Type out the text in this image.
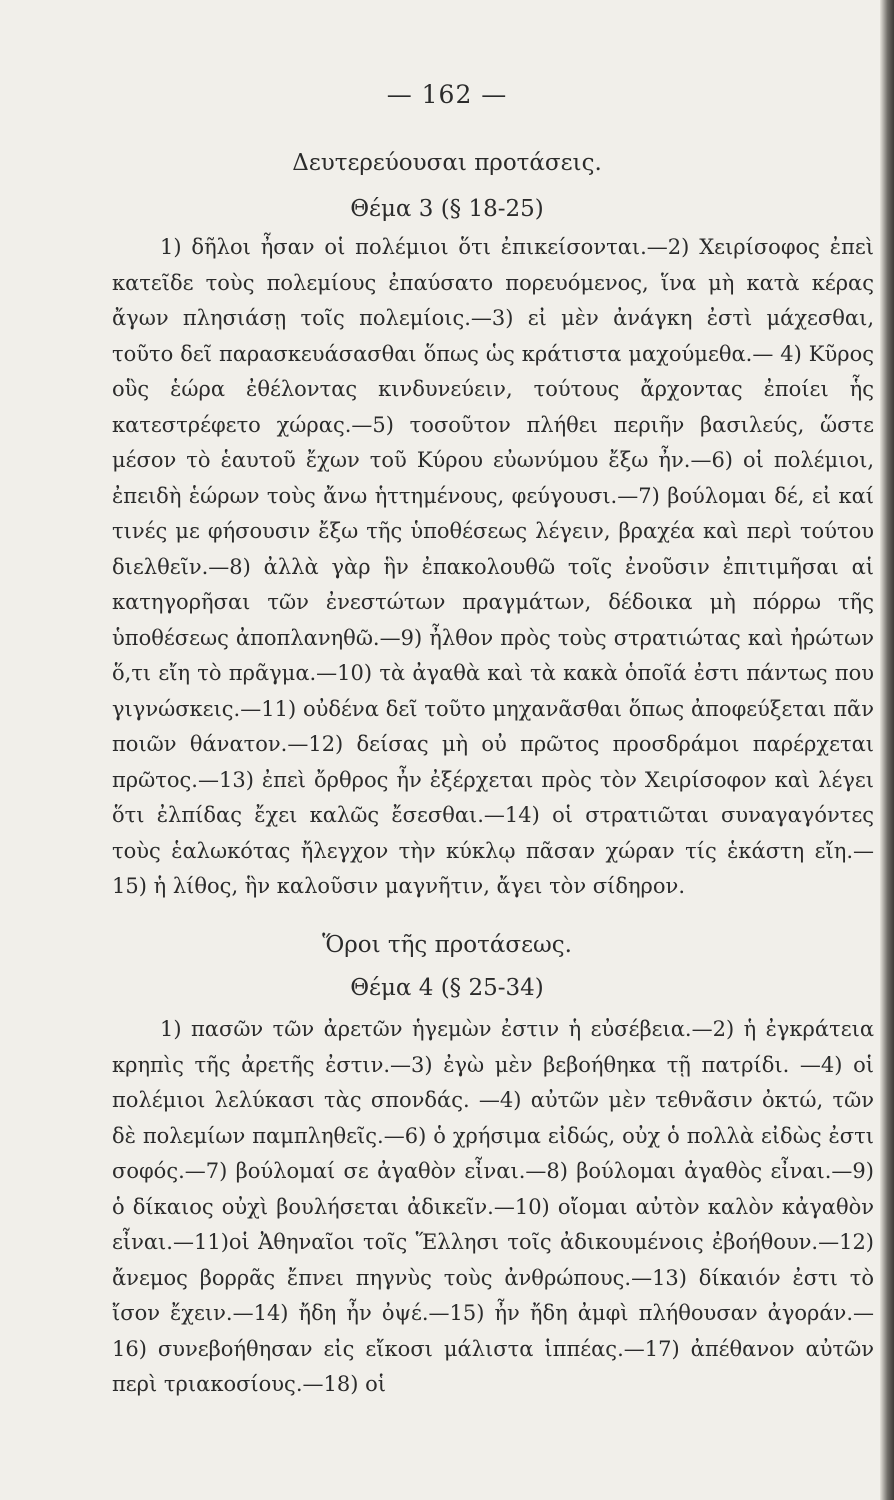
— 162 —
Δευτερεύουσαι προτάσεις.
Θέμα 3 (§ 18-25)

1) δῆλοι ἦσαν οἱ πολέμιοι ὅτι ἐπικείσονται.—2) Χειρίσοφος ἐπεὶ κατεῖδε τοὺς πολεμίους ἐπαύσατο πορευόμενος, ἵνα μὴ κατὰ κέρας ἄγων πλησιάσῃ τοῖς πολεμίοις.—3) εἰ μὲν ἀνάγκη ἐστὶ μάχεσθαι, τοῦτο δεῖ παρασκευάσασθαι ὅπως ὡς κράτιστα μαχούμεθα.— 4) Κῦρος οὓς ἑώρα ἐθέλοντας κινδυνεύειν, τούτους ἄρχοντας ἐποίει ἧς κατεστρέφετο χώρας.—5) τοσοῦτον πλήθει περιῆν βασιλεύς, ὥστε μέσον τὸ ἑαυτοῦ ἔχων τοῦ Κύρου εὐωνύμου ἔξω ἦν.—6) οἱ πολέμιοι, ἐπειδὴ ἑώρων τοὺς ἄνω ἡττημένους, φεύγουσι.—7) βούλομαι δέ, εἰ καί τινές με φήσουσιν ἔξω τῆς ὑποθέσεως λέγειν, βραχέα καὶ περὶ τούτου διελθεῖν.—8) ἀλλὰ γὰρ ἣν ἐπακολουθῶ τοῖς ἐνοῦσιν ἐπιτιμῆσαι αἱ κατηγορῆσαι τῶν ἐνεστώτων πραγμάτων, δέδοικα μὴ πόρρω τῆς ὑποθέσεως ἀποπλανηθῶ.—9) ἦλθον πρὸς τοὺς στρατιώτας καὶ ἠρώτων ὅ,τι εἴη τὸ πρᾶγμα.—10) τὰ ἀγαθὰ καὶ τὰ κακὰ ὁποῖά ἐστι πάντως που γιγνώσκεις.—11) οὐδένα δεῖ τοῦτο μηχανᾶσθαι ὅπως ἀποφεύξεται πᾶν ποιῶν θάνατον.—12) δείσας μὴ οὐ πρῶτος προσδράμοι παρέρχεται πρῶτος.—13) ἐπεὶ ὄρθρος ἦν ἐξέρχεται πρὸς τὸν Χειρίσοφον καὶ λέγει ὅτι ἐλπίδας ἔχει καλῶς ἔσεσθαι.—14) οἱ στρατιῶται συναγαγόντες τοὺς ἑαλωκότας ἤλεγχον τὴν κύκλῳ πᾶσαν χώραν τίς ἑκάστη εἴη.—15) ἡ λίθος, ἣν καλοῦσιν μαγνῆτιν, ἄγει τὸν σίδηρον.

Ὅροι τῆς προτάσεως.
Θέμα 4 (§ 25-34)

1) πασῶν τῶν ἀρετῶν ἡγεμὼν ἐστιν ἡ εὐσέβεια.—2) ἡ ἐγκράτεια κρηπὶς τῆς ἀρετῆς ἐστιν.—3) ἐγὼ μὲν βεβοήθηκα τῇ πατρίδι. —4) οἱ πολέμιοι λελύκασι τὰς σπονδάς. —4) αὐτῶν μὲν τεθνᾶσιν ὀκτώ, τῶν δὲ πολεμίων παμπληθεῖς.—6) ὁ χρήσιμα εἰδώς, οὐχ ὁ πολλὰ εἰδὼς ἐστι σοφός.—7) βούλομαί σε ἀγαθὸν εἶναι.—8) βούλομαι ἀγαθὸς εἶναι.—9) ὁ δίκαιος οὐχὶ βουλήσεται ἀδικεῖν.—10) οἴομαι αὐτὸν καλὸν κἀγαθὸν εἶναι.—11)οἱ Ἀθηναῖοι τοῖς Ἕλλησι τοῖς ἀδικουμένοις ἐβοήθουν.—12) ἄνεμος βορρᾶς ἔπνει πηγνὺς τοὺς ἀνθρώπους.—13) δίκαιόν ἐστι τὸ ἴσον ἔχειν.—14) ἤδη ἦν ὀψέ.—15) ἦν ἤδη ἀμφὶ πλήθουσαν ἀγοράν.—16) συνεβοήθησαν εἰς εἴκοσι μάλιστα ἱππέας.—17) ἀπέθανον αὐτῶν περὶ τριακοσίους.—18) οἱ
